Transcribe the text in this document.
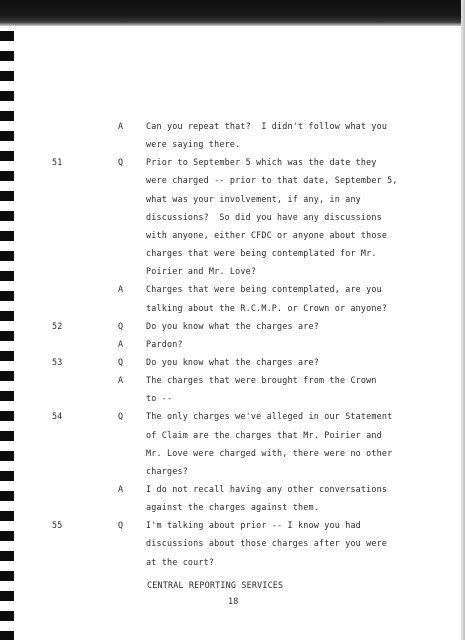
A	Can you repeat that?  I didn't follow what you
were saying there.
51	Q	Prior to September 5 which was the date they
were charged -- prior to that date, September 5,
what was your involvement, if any, in any
discussions?  So did you have any discussions
with anyone, either CFDC or anyone about those
charges that were being contemplated for Mr.
Poirier and Mr. Love?
A	Charges that were being contemplated, are you
talking about the R.C.M.P. or Crown or anyone?
52	Q	Do you know what the charges are?
A	Pardon?
53	Q	Do you know what the charges are?
A	The charges that were brought from the Crown
to --
54	Q	The only charges we've alleged in our Statement
of Claim are the charges that Mr. Poirier and
Mr. Love were charged with, there were no other
charges?
A	I do not recall having any other conversations
against the charges against them.
55	Q	I'm talking about prior -- I know you had
discussions about those charges after you were
at the court?
CENTRAL REPORTING SERVICES
18
